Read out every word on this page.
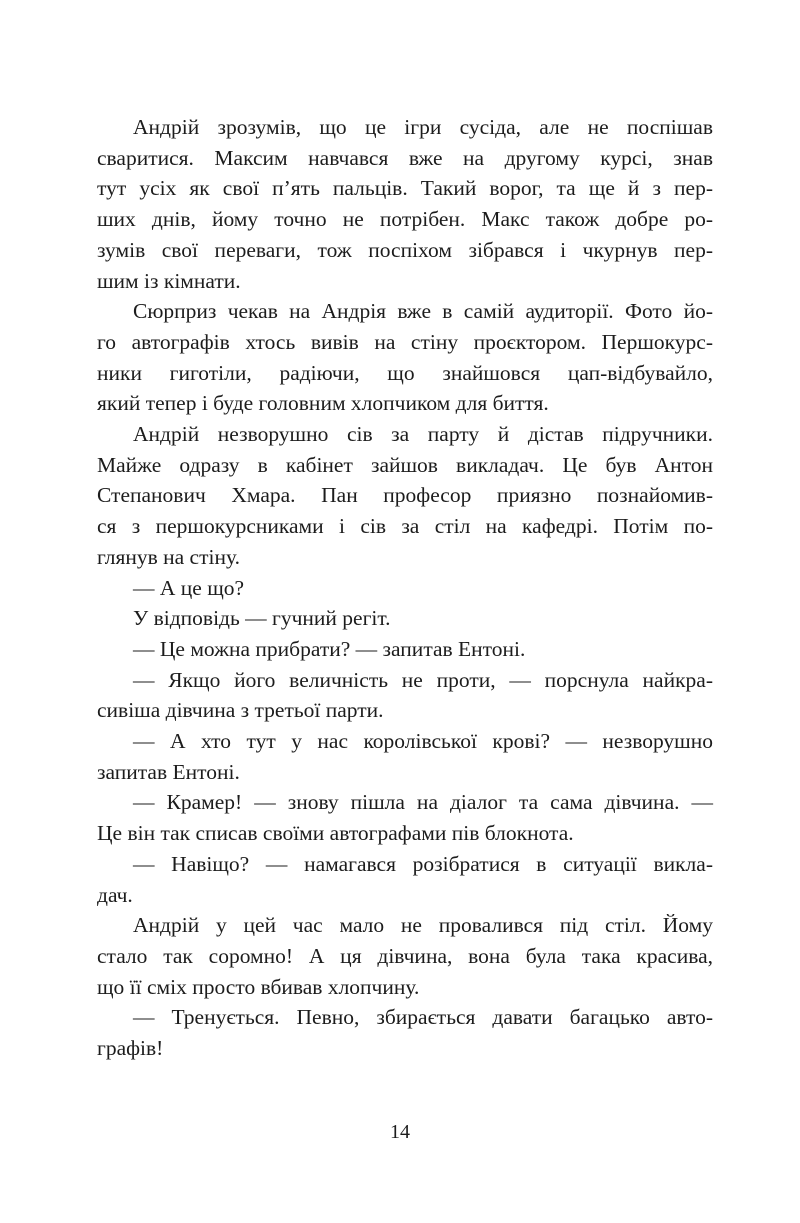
Андрій зрозумів, що це ігри сусіда, але не поспішав
сваритися. Максим навчався вже на другому курсі, знав
тут усіх як свої п’ять пальців. Такий ворог, та ще й з пер-
ших днів, йому точно не потрібен. Макс також добре ро-
зумів свої переваги, тож поспіхом зібрався і чкурнув пер-
шим із кімнати.
Сюрприз чекав на Андрія вже в самій аудиторії. Фото йо-
го автографів хтось вивів на стіну проєктором. Першокурс-
ники гиготіли, радіючи, що знайшовся цап-відбувайло,
який тепер і буде головним хлопчиком для биття.
Андрій незворушно сів за парту й дістав підручники.
Майже одразу в кабінет зайшов викладач. Це був Антон
Степанович Хмара. Пан професор приязно познайомив-
ся з першокурсниками і сів за стіл на кафедрі. Потім по-
глянув на стіну.
— А це що?
У відповідь — гучний регіт.
— Це можна прибрати? — запитав Ентоні.
— Якщо його величність не проти, — порснула найкра-
сивіша дівчина з третьої парти.
— А хто тут у нас королівської крові? — незворушно
запитав Ентоні.
— Крамер! — знову пішла на діалог та сама дівчина. —
Це він так списав своїми автографами пів блокнота.
— Навіщо? — намагався розібратися в ситуації викла-
дач.
Андрій у цей час мало не провалився під стіл. Йому
стало так соромно! А ця дівчина, вона була така красива,
що її сміх просто вбивав хлопчину.
— Тренується. Певно, збирається давати багацько авто-
графів!
14
